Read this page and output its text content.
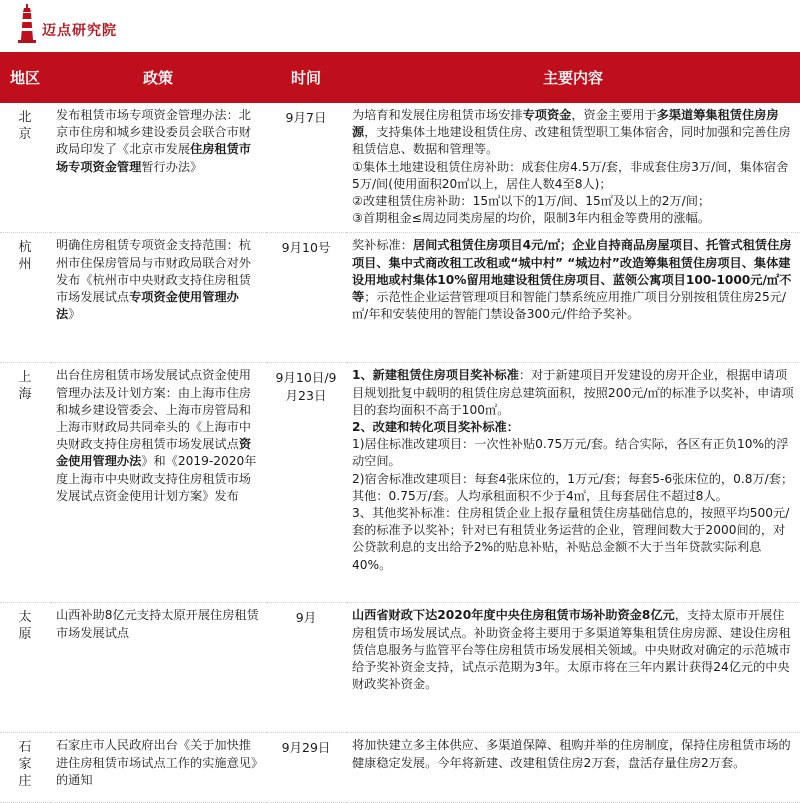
迈点研究院
地区	政策	时间	主要内容

北
京	发布租赁市场专项资金管理办法：北京市住房和城乡建设委员会联合市财政局印发了《北京市发展住房租赁市场专项资金管理暂行办法》	9月7日	为培育和发展住房租赁市场安排专项资金，资金主要用于多渠道筹集租赁住房房源，支持集体土地建设租赁住房、改建租赁型职工集体宿舍，同时加强和完善住房租赁信息、数据和管理等。
①集体土地建设租赁住房补助：成套住房4.5万/套，非成套住房3万/间，集体宿舍5万/间(使用面积20㎡以上，居住人数4至8人)；
②改建租赁住房补助：15㎡以下的1万/间、15㎡及以上的2万/间；
③首期租金≤周边同类房屋的均价，限制3年内租金等费用的涨幅。

杭
州	明确住房租赁专项资金支持范围：杭州市住保房管局与市财政局联合对外发布《杭州市中央财政支持住房租赁市场发展试点专项资金使用管理办法》	9月10号	奖补标准：居间式租赁住房项目4元/㎡；企业自持商品房屋项目、托管式租赁住房项目、集中式商改租工改租或“城中村” “城边村”改造筹集租赁住房项目、集体建设用地或村集体10%留用地建设租赁住房项目、蓝领公寓项目100-1000元/㎡不等；示范性企业运营管理项目和智能门禁系统应用推广项目分别按租赁住房25元/㎡/年和安装使用的智能门禁设备300元/件给予奖补。

上
海	出台住房租赁市场发展试点资金使用管理办法及计划方案：由上海市住房和城乡建设管委会、上海市房管局和上海市财政局共同牵头的《上海市中央财政支持住房租赁市场发展试点资金使用管理办法》和《2019-2020年度上海市中央财政支持住房租赁市场发展试点资金使用计划方案》发布	9月10日/9月23日	1、新建租赁住房项目奖补标准：对于新建项目开发建设的房开企业，根据申请项目规划批复中载明的租赁住房总建筑面积，按照200元/㎡的标准予以奖补，申请项目的套均面积不高于100㎡。
2、改建和转化项目奖补标准：
1)居住标准改建项目：一次性补贴0.75万元/套。结合实际，各区有正负10%的浮动空间。
2)宿舍标准改建项目：每套4张床位的，1万元/套；每套5-6张床位的，0.8万/套；其他：0.75万/套。人均承租面积不少于4㎡，且每套居住不超过8人。
3、其他奖补标准：住房租赁企业上报存量租赁住房基础信息的，按照平均500元/套的标准予以奖补；针对已有租赁业务运营的企业，管理间数大于2000间的，对公贷款利息的支出给予2%的贴息补贴，补贴总金额不大于当年贷款实际利息40%。

太
原	山西补助8亿元支持太原开展住房租赁市场发展试点	9月	山西省财政下达2020年度中央住房租赁市场补助资金8亿元，支持太原市开展住房租赁市场发展试点。补助资金将主要用于多渠道筹集租赁住房房源、建设住房租赁信息服务与监管平台等住房租赁市场发展相关领域。中央财政对确定的示范城市给予奖补资金支持，试点示范期为3年。太原市将在三年内累计获得24亿元的中央财政奖补资金。

石
家
庄	石家庄市人民政府出台《关于加快推进住房租赁市场试点工作的实施意见》的通知	9月29日	将加快建立多主体供应、多渠道保障、租购并举的住房制度，保持住房租赁市场的健康稳定发展。今年将新建、改建租赁住房2万套，盘活存量住房2万套。
